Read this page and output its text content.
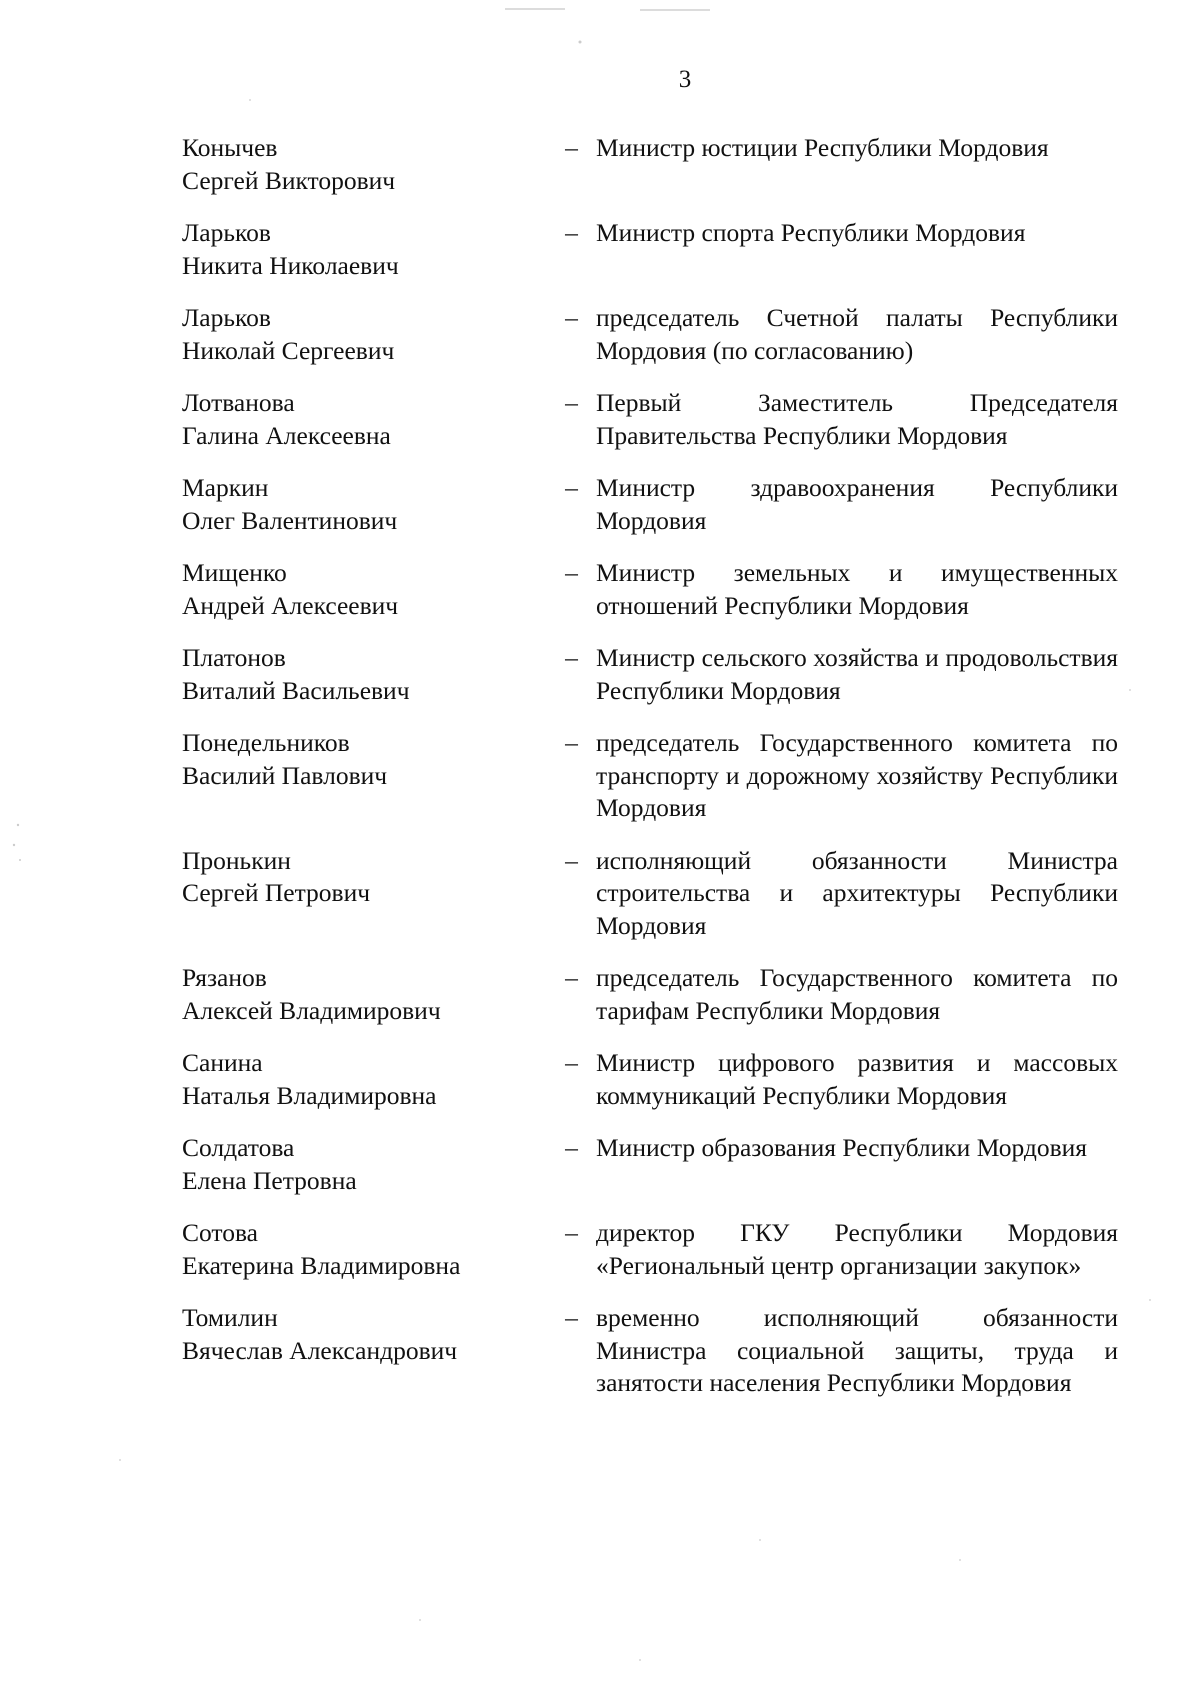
3
Конычев
Сергей Викторович
– Министр юстиции Республики Мордовия
Ларьков
Никита Николаевич
– Министр спорта Республики Мордовия
Ларьков
Николай Сергеевич
– председатель Счетной палаты Республики Мордовия (по согласованию)
Лотванова
Галина Алексеевна
– Первый Заместитель Председателя Правительства Республики Мордовия
Маркин
Олег Валентинович
– Министр здравоохранения Республики Мордовия
Мищенко
Андрей Алексеевич
– Министр земельных и имущественных отношений Республики Мордовия
Платонов
Виталий Васильевич
– Министр сельского хозяйства и продовольствия Республики Мордовия
Понедельников
Василий Павлович
– председатель Государственного комитета по транспорту и дорожному хозяйству Республики Мордовия
Пронькин
Сергей Петрович
– исполняющий обязанности Министра строительства и архитектуры Республики Мордовия
Рязанов
Алексей Владимирович
– председатель Государственного комитета по тарифам Республики Мордовия
Санина
Наталья Владимировна
– Министр цифрового развития и массовых коммуникаций Республики Мордовия
Солдатова
Елена Петровна
– Министр образования Республики Мордовия
Сотова
Екатерина Владимировна
– директор ГКУ Республики Мордовия «Региональный центр организации закупок»
Томилин
Вячеслав Александрович
– временно исполняющий обязанности Министра социальной защиты, труда и занятости населения Республики Мордовия
